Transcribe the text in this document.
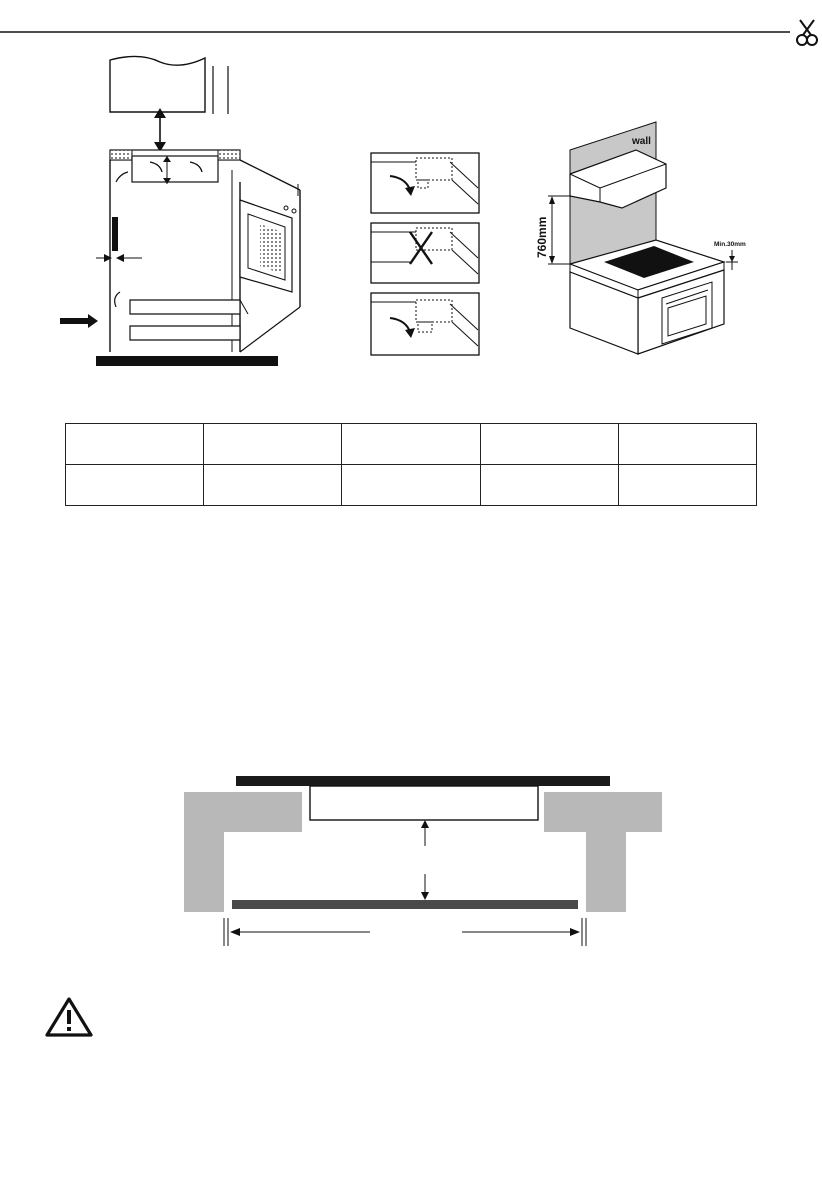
wall
760mm	Min.30mm
